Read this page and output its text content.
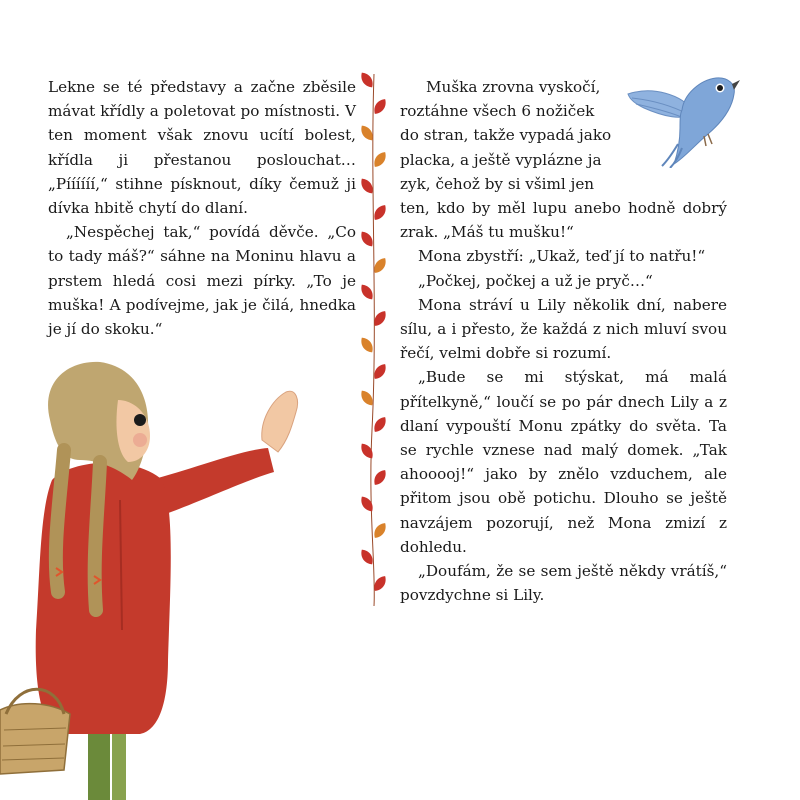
Lekne se té představy a začne zběsile mávat křídly a poletovat po místnosti. V ten moment však znovu ucítí bolest, křídla ji přestanou poslouchat… „Píííííí,“ stihne písknout, díky čemuž ji dívka hbitě chytí do dlaní.

„Nespěchej tak,“ povídá děvče. „Co to tady máš?“ sáhne na Moninu hlavu a prstem hledá cosi mezi pírky. „To je muška! A podívejme, jak je čilá, hnedka je jí do skoku.“

Muška zrovna vyskočí,

roztáhne všech 6 nožiček

do stran, takže vypadá jako

placka, a ještě vyplázne ja

zyk, čehož by si všiml jen

ten, kdo by měl lupu anebo hodně dobrý zrak. „Máš tu mušku!“

Mona zbystří: „Ukaž, teď jí to natřu!“

„Počkej, počkej a už je pryč…“

Mona stráví u Lily několik dní, nabere sílu, a i přesto, že každá z nich mluví svou řečí, velmi dobře si rozumí.

„Bude se mi stýskat, má malá přítelkyně,“ loučí se po pár dnech Lily a z dlaní vypouští Monu zpátky do světa. Ta se rychle vznese nad malý domek. „Tak ahooooj!“ jako by znělo vzduchem, ale přitom jsou obě potichu. Dlouho se ještě navzájem pozorují, než Mona zmizí z dohledu.

„Doufám, že se sem ještě někdy vrátíš,“ povzdychne si Lily.
